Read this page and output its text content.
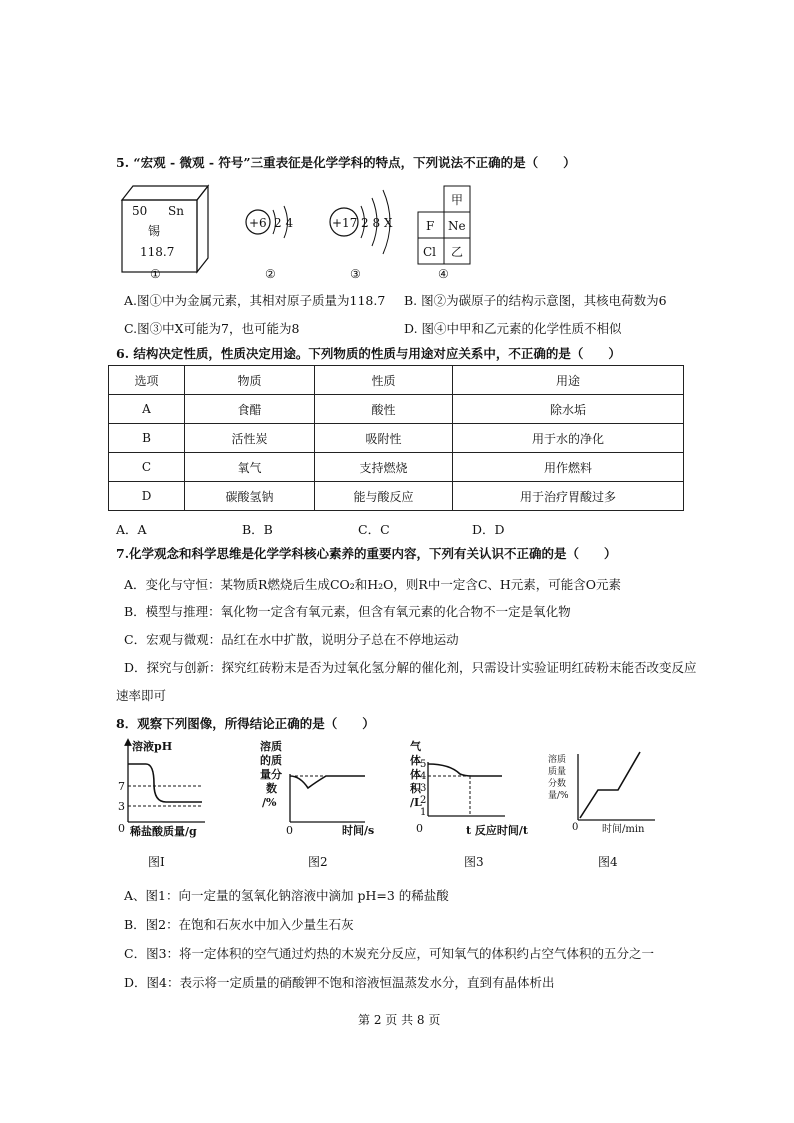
5. “宏观 - 微观 - 符号”三重表征是化学学科的特点，下列说法不正确的是（　　）
50 Sn
锡
118.7
①
+6 2 4
②
+17 2 8 X
③
甲
F Ne
Cl 乙
④
A.图①中为金属元素，其相对原子质量为118.7 B. 图②为碳原子的结构示意图，其核电荷数为6
C.图③中X可能为7，也可能为8	D. 图④中甲和乙元素的化学性质不相似
6. 结构决定性质，性质决定用途。下列物质的性质与用途对应关系中，不正确的是（　　）
选项	物质	性质	用途
A	食醋	酸性	除水垢
B	活性炭	吸附性	用于水的净化
C	氧气	支持燃烧	用作燃料
D	碳酸氢钠	能与酸反应	用于治疗胃酸过多
A．A	B．B	C．C	D．D
7.化学观念和科学思维是化学学科核心素养的重要内容，下列有关认识不正确的是（　　）
A．变化与守恒：某物质R燃烧后生成CO₂和H₂O，则R中一定含C、H元素，可能含O元素
B．模型与推理：氧化物一定含有氧元素，但含有氧元素的化合物不一定是氧化物
C．宏观与微观：品红在水中扩散，说明分子总在不停地运动
D．探究与创新：探究红砖粉末是否为过氧化氢分解的催化剂，只需设计实验证明红砖粉末能否改变反应
速率即可
8．观察下列图像，所得结论正确的是（　　）
溶液pH
7
3
0 稀盐酸质量/g
图Ⅰ
溶质
的质
量分
数
/%
0	时间/s
图2
气
体
体
积
/L
5
4
3
2
1
0	t 反应时间/t
图3
溶质
质量
分数
量/%
0 时间/min
图4
A、图1：向一定量的氢氧化钠溶液中滴加 pH=3 的稀盐酸
B．图2：在饱和石灰水中加入少量生石灰
C．图3：将一定体积的空气通过灼热的木炭充分反应，可知氧气的体积约占空气体积的五分之一
D．图4：表示将一定质量的硝酸钾不饱和溶液恒温蒸发水分，直到有晶体析出
第 2 页 共 8 页
